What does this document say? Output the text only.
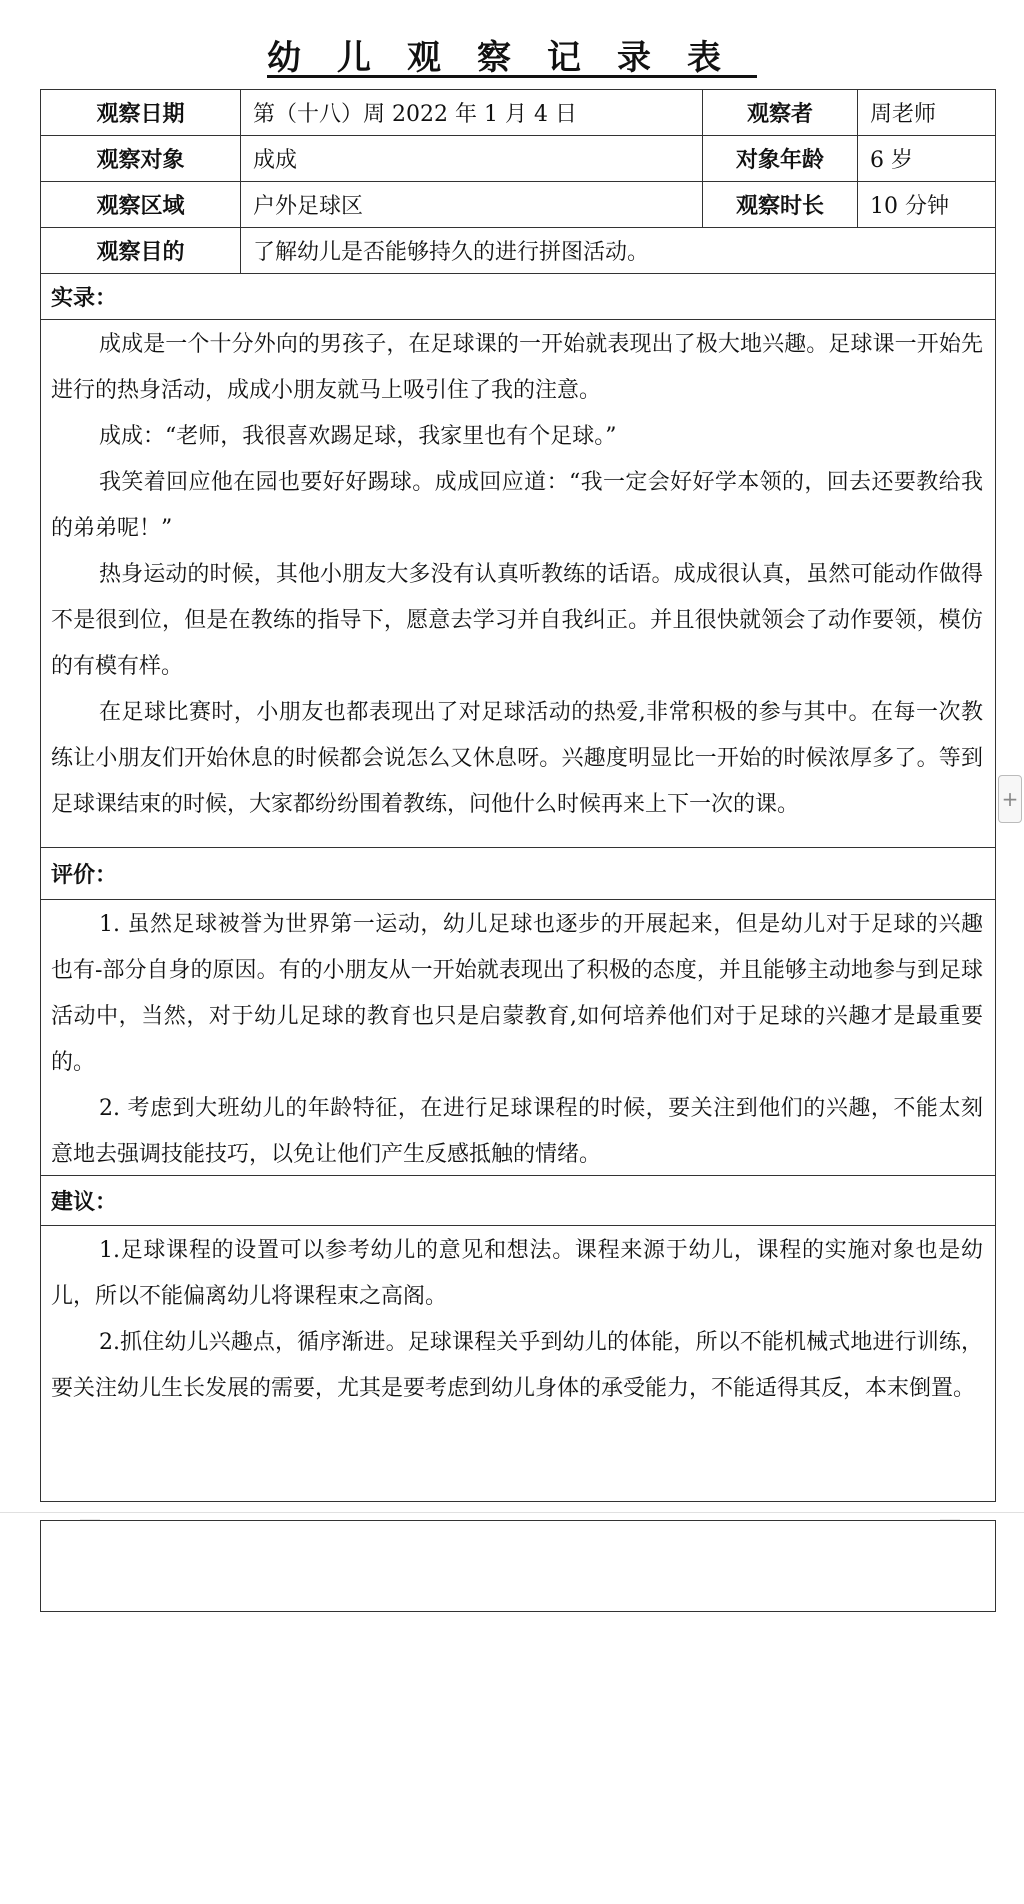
幼儿观察记录表
观察日期	第（十八）周 2022 年 1 月 4 日	观察者	周老师
观察对象	成成	对象年龄	6 岁
观察区域	户外足球区	观察时长	10 分钟
观察目的	了解幼儿是否能够持久的进行拼图活动。
实录：

成成是一个十分外向的男孩子，在足球课的一开始就表现出了极大地兴趣。足球课一开始先进行的热身活动，成成小朋友就马上吸引住了我的注意。

成成：“老师，我很喜欢踢足球，我家里也有个足球。”

我笑着回应他在园也要好好踢球。成成回应道：“我一定会好好学本领的，回去还要教给我的弟弟呢！”

热身运动的时候，其他小朋友大多没有认真听教练的话语。成成很认真，虽然可能动作做得不是很到位，但是在教练的指导下，愿意去学习并自我纠正。并且很快就领会了动作要领，模仿的有模有样。

在足球比赛时，小朋友也都表现出了对足球活动的热爱,非常积极的参与其中。在每一次教练让小朋友们开始休息的时候都会说怎么又休息呀。兴趣度明显比一开始的时候浓厚多了。等到足球课结束的时候，大家都纷纷围着教练，问他什么时候再来上下一次的课。

评价：

1. 虽然足球被誉为世界第一运动，幼儿足球也逐步的开展起来，但是幼儿对于足球的兴趣也有-部分自身的原因。有的小朋友从一开始就表现出了积极的态度，并且能够主动地参与到足球活动中，当然，对于幼儿足球的教育也只是启蒙教育,如何培养他们对于足球的兴趣才是最重要的。

2. 考虑到大班幼儿的年龄特征，在进行足球课程的时候，要关注到他们的兴趣，不能太刻意地去强调技能技巧，以免让他们产生反感抵触的情绪。

建议：

1.足球课程的设置可以参考幼儿的意见和想法。课程来源于幼儿，课程的实施对象也是幼儿，所以不能偏离幼儿将课程束之高阁。

2.抓住幼儿兴趣点，循序渐进。足球课程关乎到幼儿的体能，所以不能机械式地进行训练，要关注幼儿生长发展的需要，尤其是要考虑到幼儿身体的承受能力，不能适得其反，本末倒置。

+
